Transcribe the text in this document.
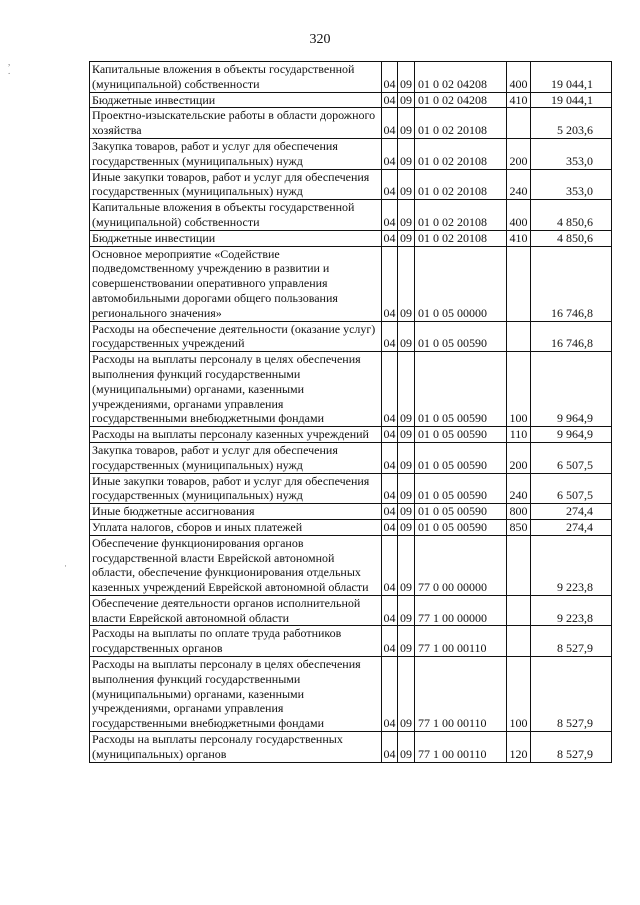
320
,
.
·
Капитальные вложения в объекты государственной (муниципальной) собственности	04	09	01 0 02 04208	400	19 044,1
Бюджетные инвестиции	04	09	01 0 02 04208	410	19 044,1
Проектно-изыскательские работы в области дорожного хозяйства	04	09	01 0 02 20108		5 203,6
Закупка товаров, работ и услуг для обеспечения государственных (муниципальных) нужд	04	09	01 0 02 20108	200	353,0
Иные закупки товаров, работ и услуг для обеспечения государственных (муниципальных) нужд	04	09	01 0 02 20108	240	353,0
Капитальные вложения в объекты государственной (муниципальной) собственности	04	09	01 0 02 20108	400	4 850,6
Бюджетные инвестиции	04	09	01 0 02 20108	410	4 850,6
Основное мероприятие «Содействие подведомственному учреждению в развитии и совершенствовании оперативного управления автомобильными дорогами общего пользования регионального значения»	04	09	01 0 05 00000		16 746,8
Расходы на обеспечение деятельности (оказание услуг) государственных учреждений	04	09	01 0 05 00590		16 746,8
Расходы на выплаты персоналу в целях обеспечения выполнения функций государственными (муниципальными) органами, казенными учреждениями, органами управления государственными внебюджетными фондами	04	09	01 0 05 00590	100	9 964,9
Расходы на выплаты персоналу казенных учреждений	04	09	01 0 05 00590	110	9 964,9
Закупка товаров, работ и услуг для обеспечения государственных (муниципальных) нужд	04	09	01 0 05 00590	200	6 507,5
Иные закупки товаров, работ и услуг для обеспечения государственных (муниципальных) нужд	04	09	01 0 05 00590	240	6 507,5
Иные бюджетные ассигнования	04	09	01 0 05 00590	800	274,4
Уплата налогов, сборов и иных платежей	04	09	01 0 05 00590	850	274,4
Обеспечение функционирования органов государственной власти Еврейской автономной области, обеспечение функционирования отдельных казенных учреждений Еврейской автономной области	04	09	77 0 00 00000		9 223,8
Обеспечение деятельности органов исполнительной власти Еврейской автономной области	04	09	77 1 00 00000		9 223,8
Расходы на выплаты по оплате труда работников государственных органов	04	09	77 1 00 00110		8 527,9
Расходы на выплаты персоналу в целях обеспечения выполнения функций государственными (муниципальными) органами, казенными учреждениями, органами управления государственными внебюджетными фондами	04	09	77 1 00 00110	100	8 527,9
Расходы на выплаты персоналу государственных (муниципальных) органов	04	09	77 1 00 00110	120	8 527,9
